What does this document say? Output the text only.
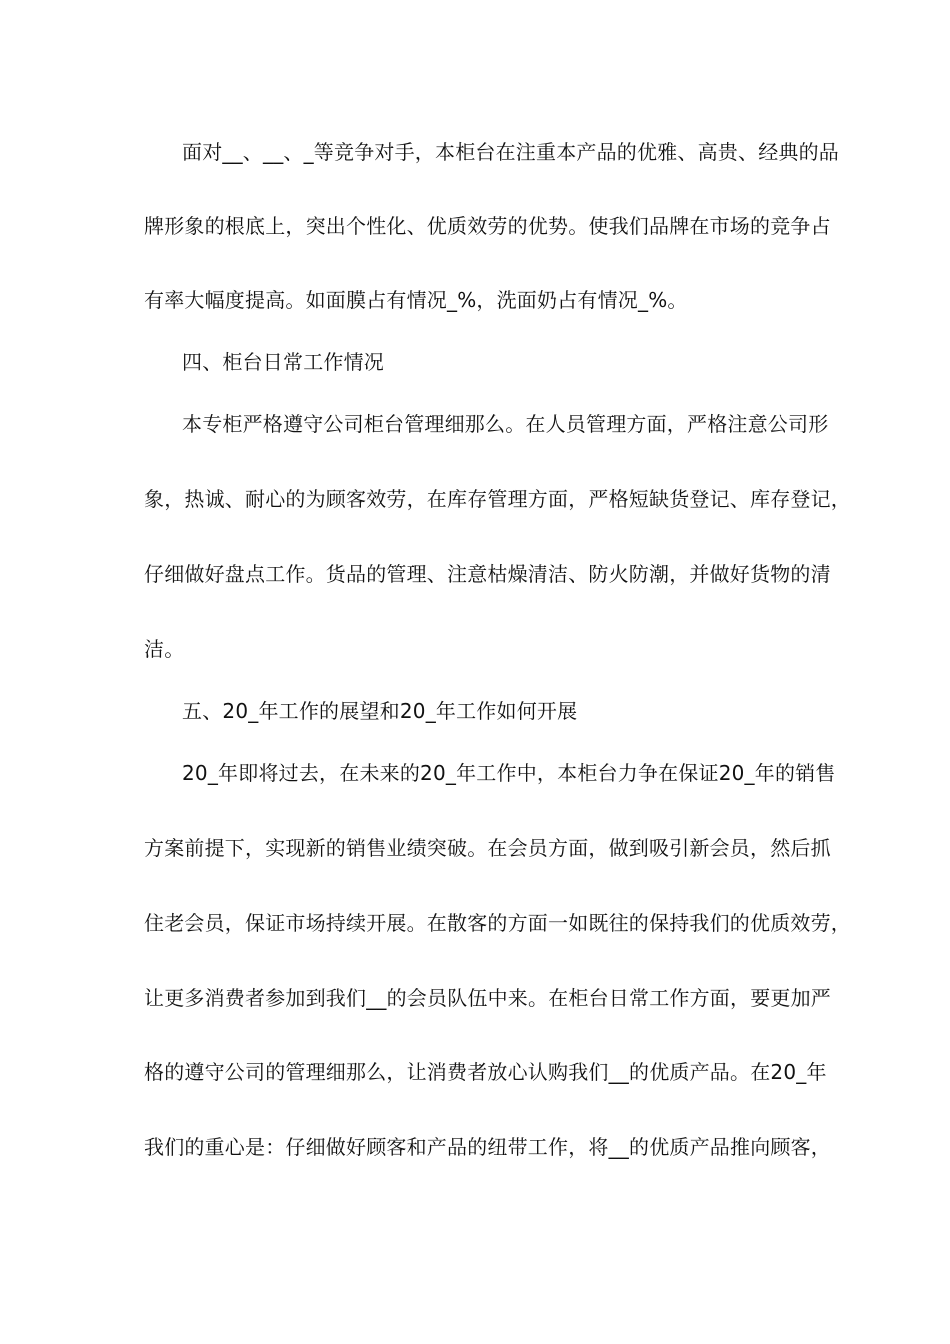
面对__、__、_等竞争对手，本柜台在注重本产品的优雅、高贵、经典的品
牌形象的根底上，突出个性化、优质效劳的优势。使我们品牌在市场的竞争占
有率大幅度提高。如面膜占有情况_%，洗面奶占有情况_%。
四、柜台日常工作情况
本专柜严格遵守公司柜台管理细那么。在人员管理方面，严格注意公司形
象，热诚、耐心的为顾客效劳，在库存管理方面，严格短缺货登记、库存登记，
仔细做好盘点工作。货品的管理、注意枯燥清洁、防火防潮，并做好货物的清
洁。
五、20_年工作的展望和20_年工作如何开展
20_年即将过去，在未来的20_年工作中，本柜台力争在保证20_年的销售
方案前提下，实现新的销售业绩突破。在会员方面，做到吸引新会员，然后抓
住老会员，保证市场持续开展。在散客的方面一如既往的保持我们的优质效劳，
让更多消费者参加到我们__的会员队伍中来。在柜台日常工作方面，要更加严
格的遵守公司的管理细那么，让消费者放心认购我们__的优质产品。在20_年
我们的重心是：仔细做好顾客和产品的纽带工作，将__的优质产品推向顾客，
